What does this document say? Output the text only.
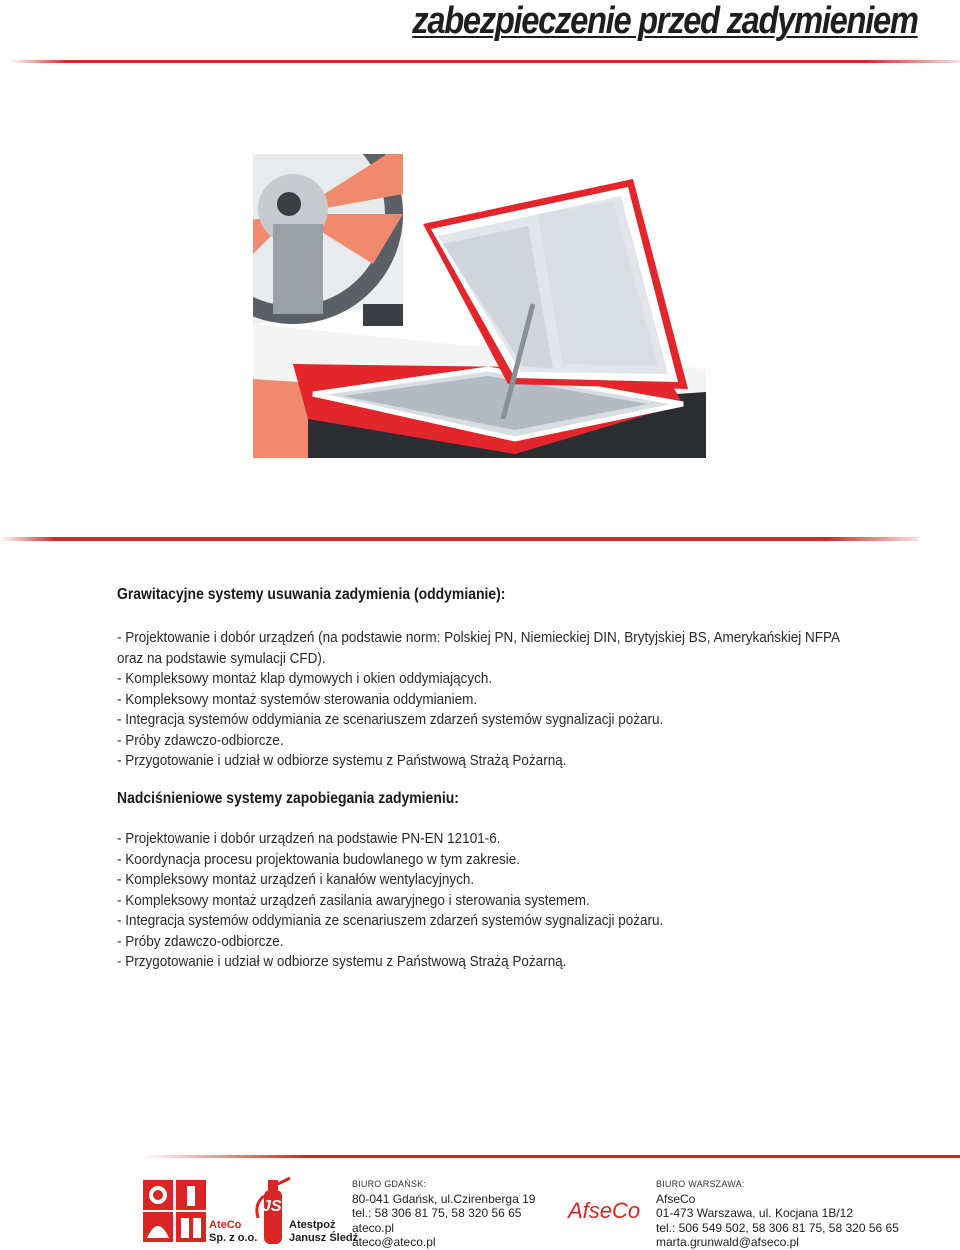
zabezpieczenie przed zadymieniem
Grawitacyjne systemy usuwania zadymienia (oddymianie):
- Projektowanie i dobór urządzeń (na podstawie norm: Polskiej PN, Niemieckiej DIN, Brytyjskiej BS, Amerykańskiej NFPA
oraz na podstawie symulacji CFD).
- Kompleksowy montaż klap dymowych i okien oddymiających.
- Kompleksowy montaż systemów sterowania oddymianiem.
- Integracja systemów oddymiania ze scenariuszem zdarzeń systemów sygnalizacji pożaru.
- Próby zdawczo-odbiorcze.
- Przygotowanie i udział w odbiorze systemu z Państwową Strażą Pożarną.
Nadciśnieniowe systemy zapobiegania zadymieniu:
- Projektowanie i dobór urządzeń na podstawie PN-EN 12101-6.
- Koordynacja procesu projektowania budowlanego w tym zakresie.
- Kompleksowy montaż urządzeń i kanałów wentylacyjnych.
- Kompleksowy montaż urządzeń zasilania awaryjnego i sterowania systemem.
- Integracja systemów oddymiania ze scenariuszem zdarzeń systemów sygnalizacji pożaru.
- Próby zdawczo-odbiorcze.
- Przygotowanie i udział w odbiorze systemu z Państwową Strażą Pożarną.
AteCo
Sp. z o.o.
JS
Atestpoż
Janusz Śledź
BIURO GDAŃSK:
80-041 Gdańsk, ul.Czirenberga 19
tel.: 58 306 81 75, 58 320 56 65
ateco.pl
ateco@ateco.pl
AfseCo
BIURO WARSZAWA:
AfseCo
01-473 Warszawa, ul. Kocjana 1B/12
tel.: 506 549 502, 58 306 81 75, 58 320 56 65
marta.grunwald@afseco.pl
